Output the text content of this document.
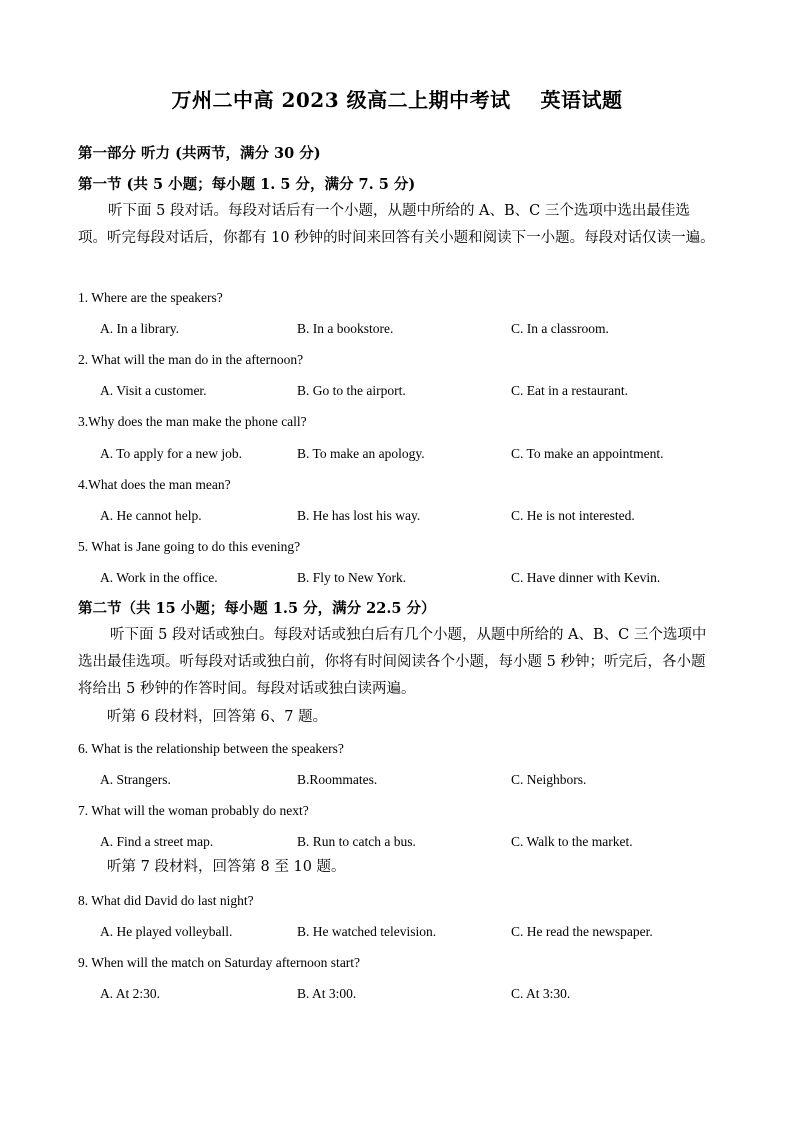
万州二中高 2023 级高二上期中考试    英语试题
第一部分 听力 (共两节，满分 30 分)
第一节 (共 5 小题；每小题 1. 5 分，满分 7. 5 分)
听下面 5 段对话。每段对话后有一个小题，从题中所给的 A、B、C 三个选项中选出最佳选项。听完每段对话后，你都有 10 秒钟的时间来回答有关小题和阅读下一小题。每段对话仅读一遍。
1. Where are the speakers?
A. In a library.	B. In a bookstore.	C. In a classroom.
2. What will the man do in the afternoon?
A. Visit a customer.	B. Go to the airport.	C. Eat in a restaurant.
3.Why does the man make the phone call?
A. To apply for a new job.	B. To make an apology.	C. To make an appointment.
4.What does the man mean?
A. He cannot help.	B. He has lost his way.	C. He is not interested.
5. What is Jane going to do this evening?
A. Work in the office.	B. Fly to New York.	C. Have dinner with Kevin.
第二节（共 15 小题；每小题 1.5 分，满分 22.5 分）
听下面 5 段对话或独白。每段对话或独白后有几个小题，从题中所给的 A、B、C 三个选项中选出最佳选项。听每段对话或独白前，你将有时间阅读各个小题，每小题 5 秒钟；听完后，各小题将给出 5 秒钟的作答时间。每段对话或独白读两遍。
听第 6 段材料，回答第 6、7 题。
6. What is the relationship between the speakers?
A. Strangers.	B.Roommates.	C. Neighbors.
7. What will the woman probably do next?
A. Find a street map.	B. Run to catch a bus.	C. Walk to the market.
听第 7 段材料，回答第 8 至 10 题。
8. What did David do last night?
A. He played volleyball.	B. He watched television.	C. He read the newspaper.
9. When will the match on Saturday afternoon start?
A. At 2:30.	B. At 3:00.	C. At 3:30.
